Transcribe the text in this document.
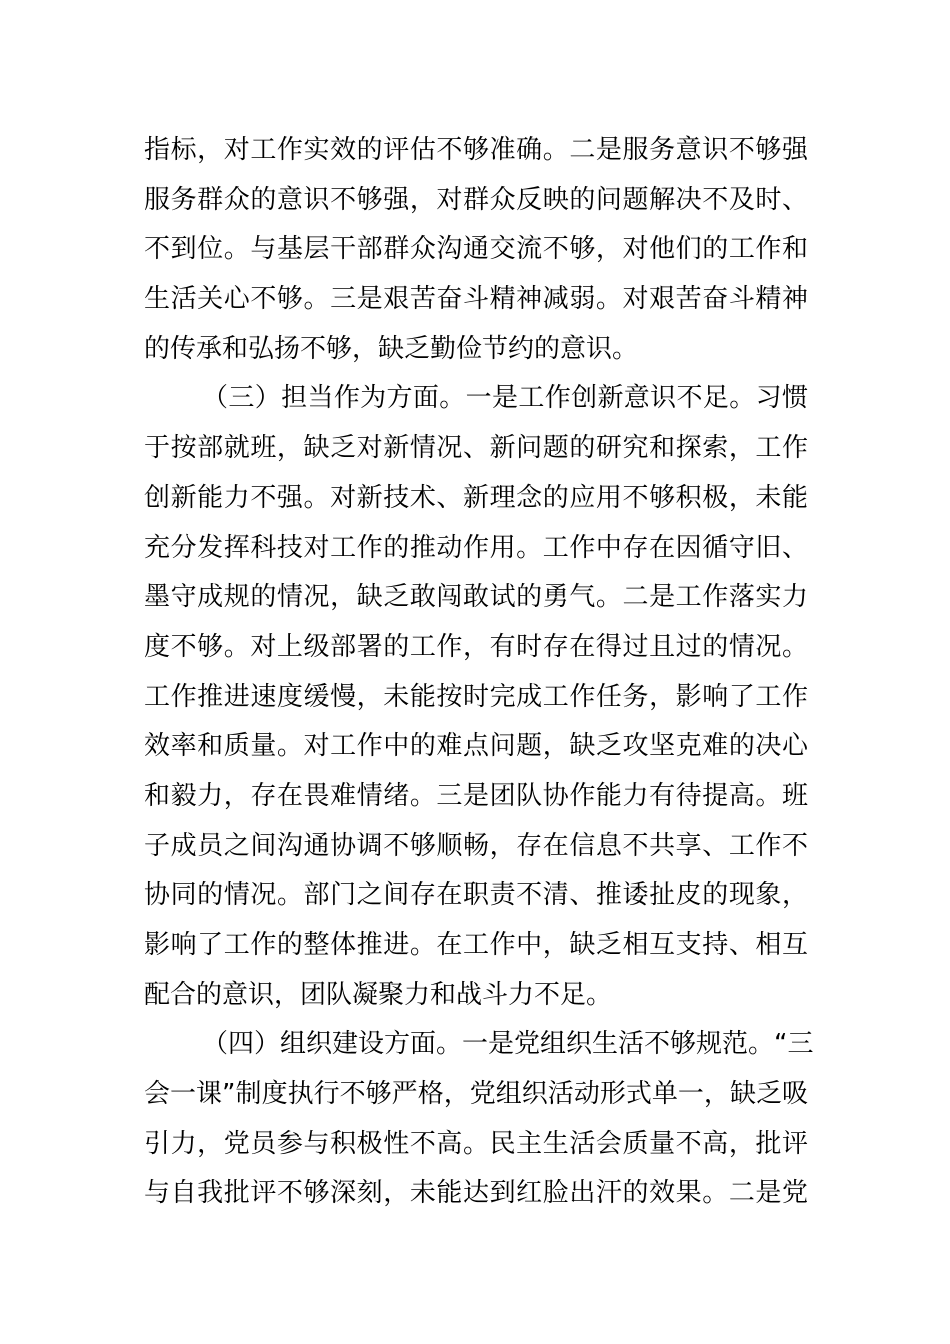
指标，对工作实效的评估不够准确。二是服务意识不够强
服务群众的意识不够强，对群众反映的问题解决不及时、
不到位。与基层干部群众沟通交流不够，对他们的工作和
生活关心不够。三是艰苦奋斗精神减弱。对艰苦奋斗精神
的传承和弘扬不够，缺乏勤俭节约的意识。
（三）担当作为方面。一是工作创新意识不足。习惯
于按部就班，缺乏对新情况、新问题的研究和探索，工作
创新能力不强。对新技术、新理念的应用不够积极，未能
充分发挥科技对工作的推动作用。工作中存在因循守旧、
墨守成规的情况，缺乏敢闯敢试的勇气。二是工作落实力
度不够。对上级部署的工作，有时存在得过且过的情况。
工作推进速度缓慢，未能按时完成工作任务，影响了工作
效率和质量。对工作中的难点问题，缺乏攻坚克难的决心
和毅力，存在畏难情绪。三是团队协作能力有待提高。班
子成员之间沟通协调不够顺畅，存在信息不共享、工作不
协同的情况。部门之间存在职责不清、推诿扯皮的现象，
影响了工作的整体推进。在工作中，缺乏相互支持、相互
配合的意识，团队凝聚力和战斗力不足。
（四）组织建设方面。一是党组织生活不够规范。“三
会一课”制度执行不够严格，党组织活动形式单一，缺乏吸
引力，党员参与积极性不高。民主生活会质量不高，批评
与自我批评不够深刻，未能达到红脸出汗的效果。二是党
